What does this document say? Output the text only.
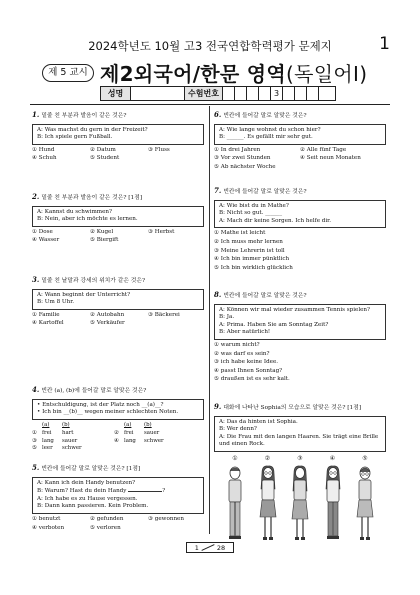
2024학년도 10월 고3 전국연합학력평가 문제지	1
제 5 교시 제2외국어/한문 영역(독일어Ⅰ)
성명	수험번호	3
1. 밑줄 친 부분과 발음이 같은 것은?
A: Was machst du gern in der Freizeit?
B: Ich spiele gern Fußball.
① Hund	② Datum	③ Fluss
④ Schuh	⑤ Student
2. 밑줄 친 부분과 발음이 같은 것은? [1점]
A: Kannst du schwimmen?
B: Nein, aber ich möchte es lernen.
① Dose	② Kugel	③ Herbst
④ Wasser	⑤ Biergift
3. 밑줄 친 낱말과 강세의 위치가 같은 것은?
A: Wann beginnt der Unterricht?
B: Um 8 Uhr.
① Familie	② Autobahn	③ Bäckerei
④ Kartoffel	⑤ Verkäufer
4. 빈칸 (a), (b)에 들어갈 말로 알맞은 것은?
• Entschuldigung, ist der Platz noch __(a)__?
• Ich bin __(b)__ wegen meiner schlechten Noten.
(a)	(b)	(a)	(b)
① frei	hart	② frei	sauer
③ lang	sauer	④ lang	schwer
⑤ leer	schwer
5. 빈칸에 들어갈 말로 알맞은 것은? [1점]
A: Kann ich dein Handy benutzen?
B: Warum? Hast du dein Handy	?
A: Ich habe es zu Hause vergessen.
B: Dann kann passieren. Kein Problem.
① benutzt	② gefunden	③ gewonnen
④ verboten	⑤ verloren
6. 빈칸에 들어갈 말로 알맞은 것은?
A: Wie lange wohnst du schon hier?
B: ______. Es gefällt mir sehr gut.
① In drei Jahren	② Alle fünf Tage
③ Vor zwei Stunden	④ Seit neun Monaten
⑤ Ab nächster Woche
7. 빈칸에 들어갈 말로 알맞은 것은?
A: Wie bist du in Mathe?
B: Nicht so gut. ______
A: Mach dir keine Sorgen. Ich helfe dir.
① Mathe ist leicht
② Ich muss mehr lernen
③ Meine Lehrerin ist toll
④ Ich bin immer pünktlich
⑤ Ich bin wirklich glücklich
8. 빈칸에 들어갈 말로 알맞은 것은?
A: Können wir mal wieder zusammen Tennis spielen?
B: Ja.
A: Prima. Haben Sie am Sonntag Zeit?
B: Aber natürlich!
① warum nicht?
② was darf es sein?
③ ich habe keine Idee.
④ passt Ihnen Sonntag?
⑤ draußen ist es sehr kalt.
9. 대화에 나타난 Sophia의 모습으로 알맞은 것은? [1점]
A: Das da hinten ist Sophia.
B: Wer denn?
A: Die Frau mit den langen Haaren. Sie trägt eine Brille
und einen Rock.
①	②	③	④	⑤
1	28
